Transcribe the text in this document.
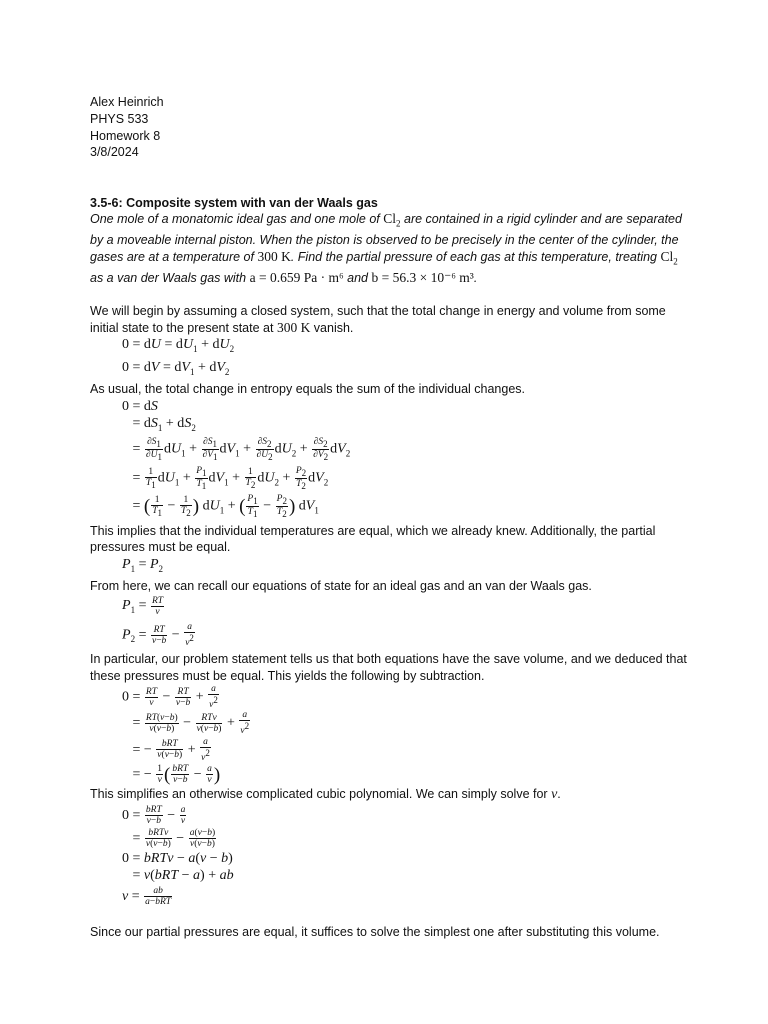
Alex Heinrich
PHYS 533
Homework 8
3/8/2024
3.5-6: Composite system with van der Waals gas

One mole of a monatomic ideal gas and one mole of $Cl_2$ are contained in a rigid cylinder and are separated by a moveable internal piston. When the piston is observed to be precisely in the center of the cylinder, the gases are at a temperature of 300 K. Find the partial pressure of each gas at this temperature, treating $Cl_2$ as a van der Waals gas with a = 0.659 Pa · m⁶ and b = 56.3 × 10⁻⁶ m³.

We will begin by assuming a closed system, such that the total change in energy and volume from some initial state to the present state at 300 K vanish.

0 = dU = $dU_1 + dU_2$
0 = dV = $dV_1 + dV_2$

As usual, the total change in entropy equals the sum of the individual changes.

0 = dS
= $dS_1 + dS_2$
= $\frac{\partial S_1}{\partial U_1} dU_1 + \frac{\partial S_1}{\partial V_1} dV_1 + \frac{\partial S_2}{\partial U_2} dU_2 + \frac{\partial S_2}{\partial V_2} dV_2$
= $\frac{1}{T_1} dU_1 + \frac{P_1}{T_1} dV_1 + \frac{1}{T_2} dU_2 + \frac{P_2}{T_2} dV_2$
= ( $\frac{1}{T_1} - \frac{1}{T_2}$ ) $dU_1$ + ( $\frac{P_1}{T_1} - \frac{P_2}{T_2}$ ) $dV_1$

This implies that the individual temperatures are equal, which we already knew. Additionally, the partial pressures must be equal.

$P_1 = P_2$

From here, we can recall our equations of state for an ideal gas and an van der Waals gas.

$P_1 = \frac{RT}{v}$
$P_2 = \frac{RT}{v-b} - \frac{a}{v^2}$

In particular, our problem statement tells us that both equations have the save volume, and we deduced that these pressures must be equal. This yields the following by subtraction.

$0 = \frac{RT}{v} - \frac{RT}{v-b} + \frac{a}{v^2}$
= $\frac{RT(v-b)}{v(v-b)} - \frac{\text{RTv}}{v(v-b)} + \frac{a}{v^2}$
= − $\frac{\text{bRT}}{v(v-b)} + \frac{a}{v^2}$
= − $\frac{1}{v}$ ( $\frac{\text{bRT}}{v-b} - \frac{a}{v}$ )

This simplifies an otherwise complicated cubic polynomial. We can simply solve for v.

$0 = \frac{\text{bRT}}{v-b} - \frac{a}{v}$
= $\frac{\text{bRTv}}{v(v-b)} - \frac{a(v-b)}{v(v-b)}$
0 = bRTv − a(v − b)
= v(bRT − a) + ab
$v = \frac{ab}{\text{a−bRT}}$

Since our partial pressures are equal, it suffices to solve the simplest one after substituting this volume.
